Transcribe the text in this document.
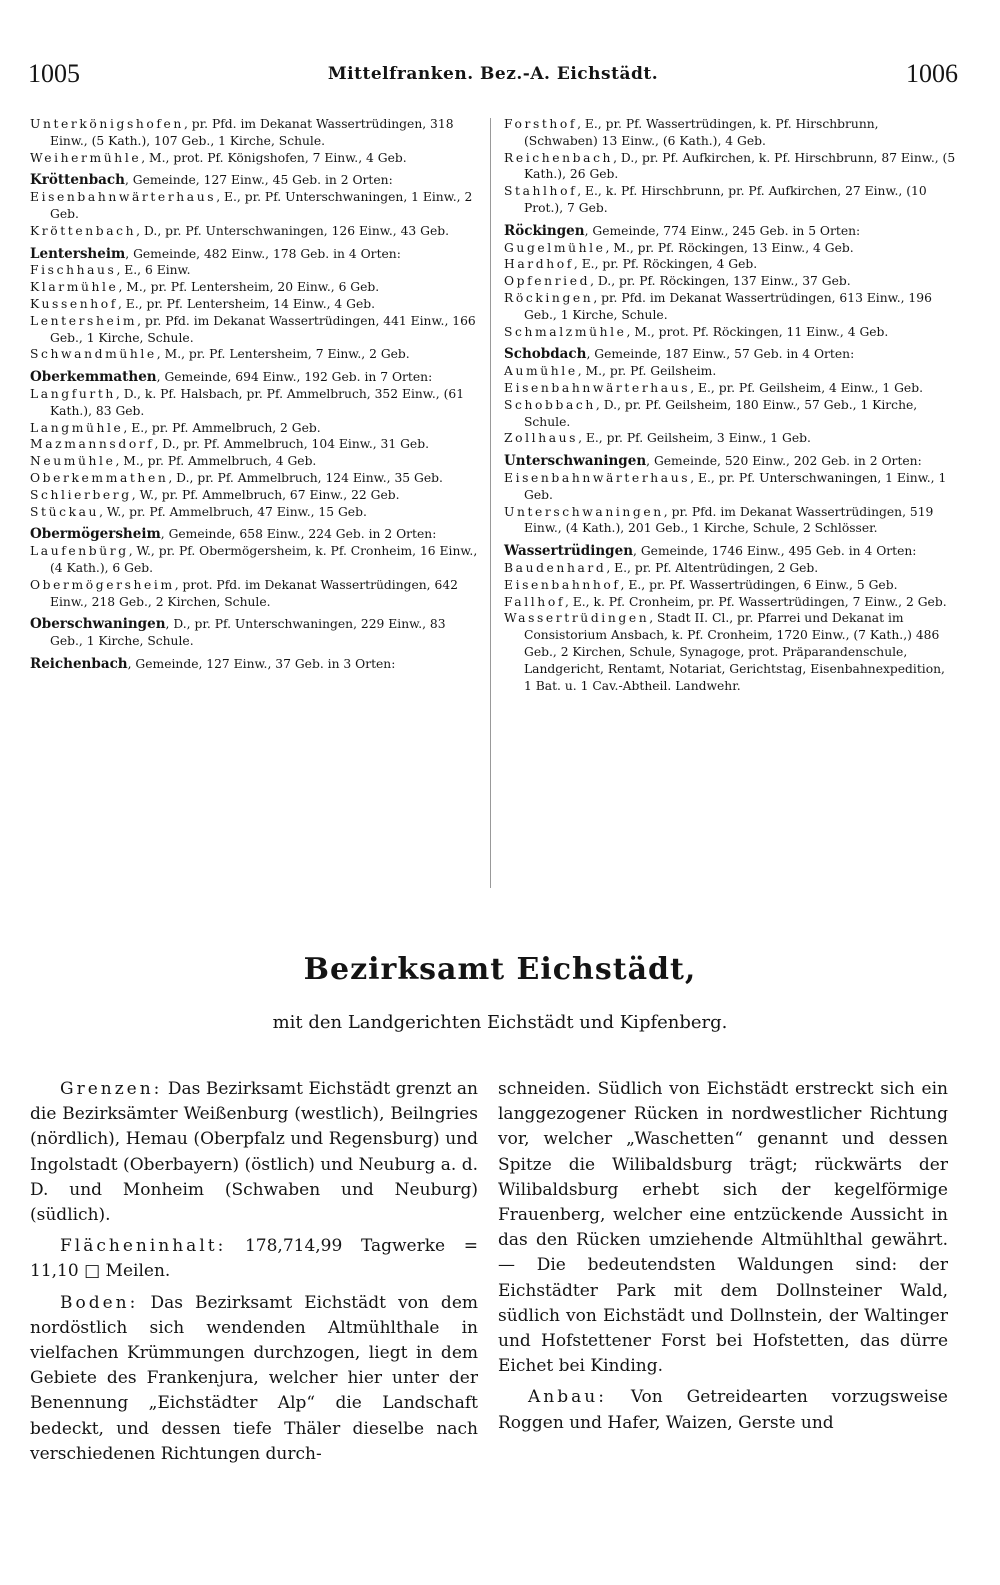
1005	Mittelfranken. Bez.-A. Eichstädt.	1006

Unterkönigshofen, pr. Pfd. im Dekanat Wassertrüdingen, 318 Einw., (5 Kath.), 107 Geb., 1 Kirche, Schule.

Weihermühle, M., prot. Pf. Königshofen, 7 Einw., 4 Geb.

Kröttenbach, Gemeinde, 127 Einw., 45 Geb. in 2 Orten:

Eisenbahnwärterhaus, E., pr. Pf. Unterschwaningen, 1 Einw., 2 Geb.

Kröttenbach, D., pr. Pf. Unterschwaningen, 126 Einw., 43 Geb.

Lentersheim, Gemeinde, 482 Einw., 178 Geb. in 4 Orten:

Fischhaus, E., 6 Einw.

Klarmühle, M., pr. Pf. Lentersheim, 20 Einw., 6 Geb.

Kussenhof, E., pr. Pf. Lentersheim, 14 Einw., 4 Geb.

Lentersheim, pr. Pfd. im Dekanat Wassertrüdingen, 441 Einw., 166 Geb., 1 Kirche, Schule.

Schwandmühle, M., pr. Pf. Lentersheim, 7 Einw., 2 Geb.

Oberkemmathen, Gemeinde, 694 Einw., 192 Geb. in 7 Orten:

Langfurth, D., k. Pf. Halsbach, pr. Pf. Ammelbruch, 352 Einw., (61 Kath.), 83 Geb.

Langmühle, E., pr. Pf. Ammelbruch, 2 Geb.

Mazmannsdorf, D., pr. Pf. Ammelbruch, 104 Einw., 31 Geb.

Neumühle, M., pr. Pf. Ammelbruch, 4 Geb.

Oberkemmathen, D., pr. Pf. Ammelbruch, 124 Einw., 35 Geb.

Schlierberg, W., pr. Pf. Ammelbruch, 67 Einw., 22 Geb.

Stückau, W., pr. Pf. Ammelbruch, 47 Einw., 15 Geb.

Obermögersheim, Gemeinde, 658 Einw., 224 Geb. in 2 Orten:

Laufenbürg, W., pr. Pf. Obermögersheim, k. Pf. Cronheim, 16 Einw., (4 Kath.), 6 Geb.

Obermögersheim, prot. Pfd. im Dekanat Wassertrüdingen, 642 Einw., 218 Geb., 2 Kirchen, Schule.

Oberschwaningen, D., pr. Pf. Unterschwaningen, 229 Einw., 83 Geb., 1 Kirche, Schule.

Reichenbach, Gemeinde, 127 Einw., 37 Geb. in 3 Orten:

Forsthof, E., pr. Pf. Wassertrüdingen, k. Pf. Hirschbrunn, (Schwaben) 13 Einw., (6 Kath.), 4 Geb.

Reichenbach, D., pr. Pf. Aufkirchen, k. Pf. Hirschbrunn, 87 Einw., (5 Kath.), 26 Geb.

Stahlhof, E., k. Pf. Hirschbrunn, pr. Pf. Aufkirchen, 27 Einw., (10 Prot.), 7 Geb.

Röckingen, Gemeinde, 774 Einw., 245 Geb. in 5 Orten:

Gugelmühle, M., pr. Pf. Röckingen, 13 Einw., 4 Geb.

Hardhof, E., pr. Pf. Röckingen, 4 Geb.

Opfenried, D., pr. Pf. Röckingen, 137 Einw., 37 Geb.

Röckingen, pr. Pfd. im Dekanat Wassertrüdingen, 613 Einw., 196 Geb., 1 Kirche, Schule.

Schmalzmühle, M., prot. Pf. Röckingen, 11 Einw., 4 Geb.

Schobdach, Gemeinde, 187 Einw., 57 Geb. in 4 Orten:

Aumühle, M., pr. Pf. Geilsheim.

Eisenbahnwärterhaus, E., pr. Pf. Geilsheim, 4 Einw., 1 Geb.

Schobbach, D., pr. Pf. Geilsheim, 180 Einw., 57 Geb., 1 Kirche, Schule.

Zollhaus, E., pr. Pf. Geilsheim, 3 Einw., 1 Geb.

Unterschwaningen, Gemeinde, 520 Einw., 202 Geb. in 2 Orten:

Eisenbahnwärterhaus, E., pr. Pf. Unterschwaningen, 1 Einw., 1 Geb.

Unterschwaningen, pr. Pfd. im Dekanat Wassertrüdingen, 519 Einw., (4 Kath.), 201 Geb., 1 Kirche, Schule, 2 Schlösser.

Wassertrüdingen, Gemeinde, 1746 Einw., 495 Geb. in 4 Orten:

Baudenhard, E., pr. Pf. Altentrüdingen, 2 Geb.

Eisenbahnhof, E., pr. Pf. Wassertrüdingen, 6 Einw., 5 Geb.

Fallhof, E., k. Pf. Cronheim, pr. Pf. Wassertrüdingen, 7 Einw., 2 Geb.

Wassertrüdingen, Stadt II. Cl., pr. Pfarrei und Dekanat im Consistorium Ansbach, k. Pf. Cronheim, 1720 Einw., (7 Kath.,) 486 Geb., 2 Kirchen, Schule, Synagoge, prot. Präparandenschule, Landgericht, Rentamt, Notariat, Gerichtstag, Eisenbahnexpedition, 1 Bat. u. 1 Cav.-Abtheil. Landwehr.

Bezirksamt Eichstädt,
mit den Landgerichten Eichstädt und Kipfenberg.

Grenzen: Das Bezirksamt Eichstädt grenzt an die Bezirksämter Weißenburg (westlich), Beilngries (nördlich), Hemau (Oberpfalz und Regensburg) und Ingolstadt (Oberbayern) (östlich) und Neuburg a. d. D. und Monheim (Schwaben und Neuburg) (südlich).

Flächeninhalt: 178,714,99 Tagwerke = 11,10 □ Meilen.

Boden: Das Bezirksamt Eichstädt von dem nordöstlich sich wendenden Altmühlthale in vielfachen Krümmungen durchzogen, liegt in dem Gebiete des Frankenjura, welcher hier unter der Benennung „Eichstädter Alp“ die Landschaft bedeckt, und dessen tiefe Thäler dieselbe nach verschiedenen Richtungen durch-

schneiden. Südlich von Eichstädt erstreckt sich ein langgezogener Rücken in nordwestlicher Richtung vor, welcher „Waschetten“ genannt und dessen Spitze die Wilibaldsburg trägt; rückwärts der Wilibaldsburg erhebt sich der kegelförmige Frauenberg, welcher eine entzückende Aussicht in das den Rücken umziehende Altmühlthal gewährt. — Die bedeutendsten Waldungen sind: der Eichstädter Park mit dem Dollnsteiner Wald, südlich von Eichstädt und Dollnstein, der Waltinger und Hofstettener Forst bei Hofstetten, das dürre Eichet bei Kinding.

Anbau: Von Getreidearten vorzugsweise Roggen und Hafer, Waizen, Gerste und
